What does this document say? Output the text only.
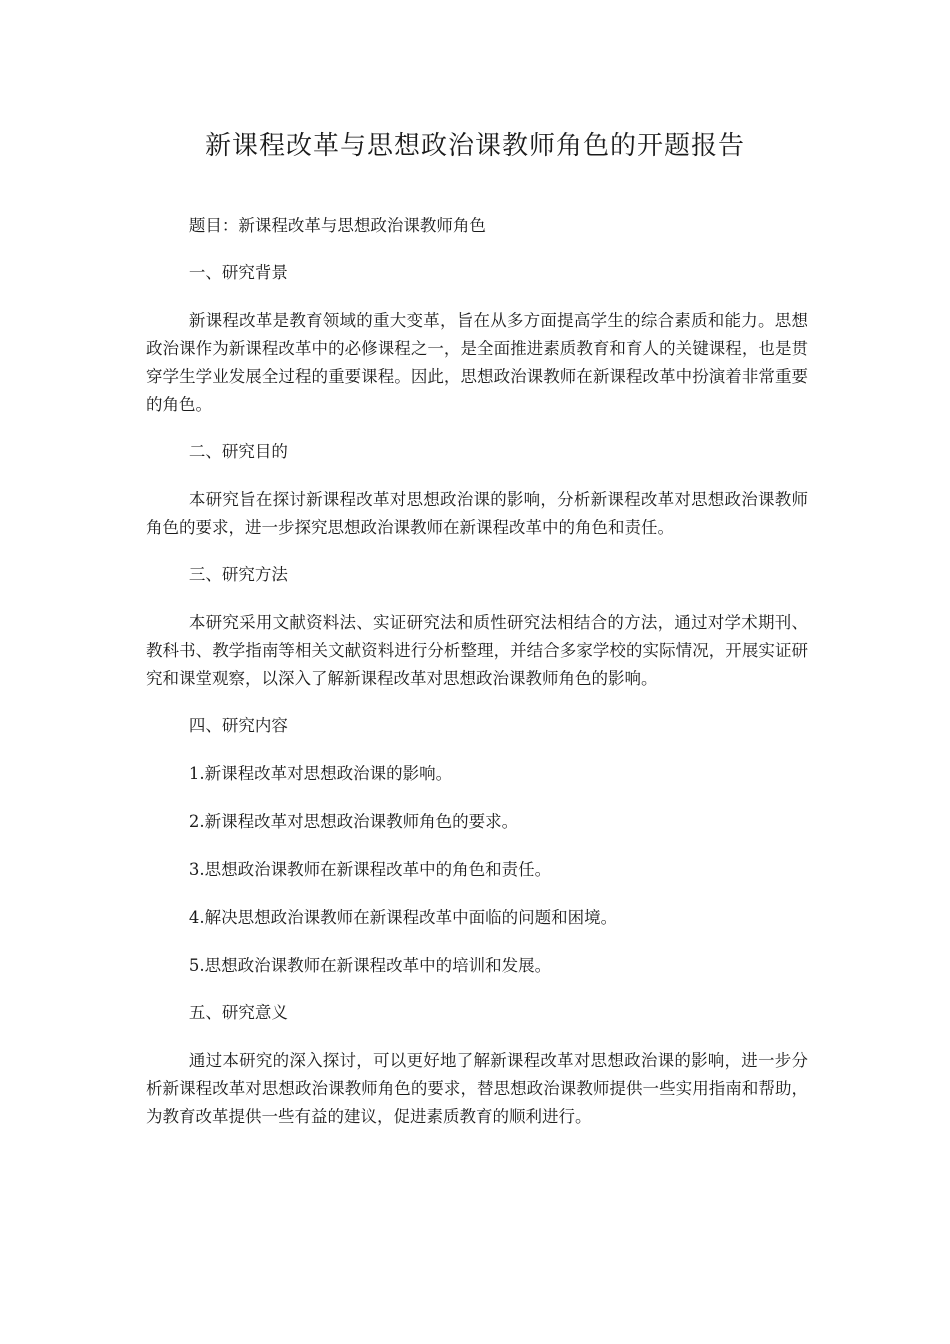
新课程改革与思想政治课教师角色的开题报告

题目：新课程改革与思想政治课教师角色

一、研究背景

新课程改革是教育领域的重大变革，旨在从多方面提高学生的综合素质和能力。思想政治课作为新课程改革中的必修课程之一，是全面推进素质教育和育人的关键课程，也是贯穿学生学业发展全过程的重要课程。因此，思想政治课教师在新课程改革中扮演着非常重要的角色。

二、研究目的

本研究旨在探讨新课程改革对思想政治课的影响，分析新课程改革对思想政治课教师角色的要求，进一步探究思想政治课教师在新课程改革中的角色和责任。

三、研究方法

本研究采用文献资料法、实证研究法和质性研究法相结合的方法，通过对学术期刊、教科书、教学指南等相关文献资料进行分析整理，并结合多家学校的实际情况，开展实证研究和课堂观察，以深入了解新课程改革对思想政治课教师角色的影响。

四、研究内容

1.新课程改革对思想政治课的影响。

2.新课程改革对思想政治课教师角色的要求。

3.思想政治课教师在新课程改革中的角色和责任。

4.解决思想政治课教师在新课程改革中面临的问题和困境。

5.思想政治课教师在新课程改革中的培训和发展。

五、研究意义

通过本研究的深入探讨，可以更好地了解新课程改革对思想政治课的影响，进一步分析新课程改革对思想政治课教师角色的要求，替思想政治课教师提供一些实用指南和帮助，为教育改革提供一些有益的建议，促进素质教育的顺利进行。
